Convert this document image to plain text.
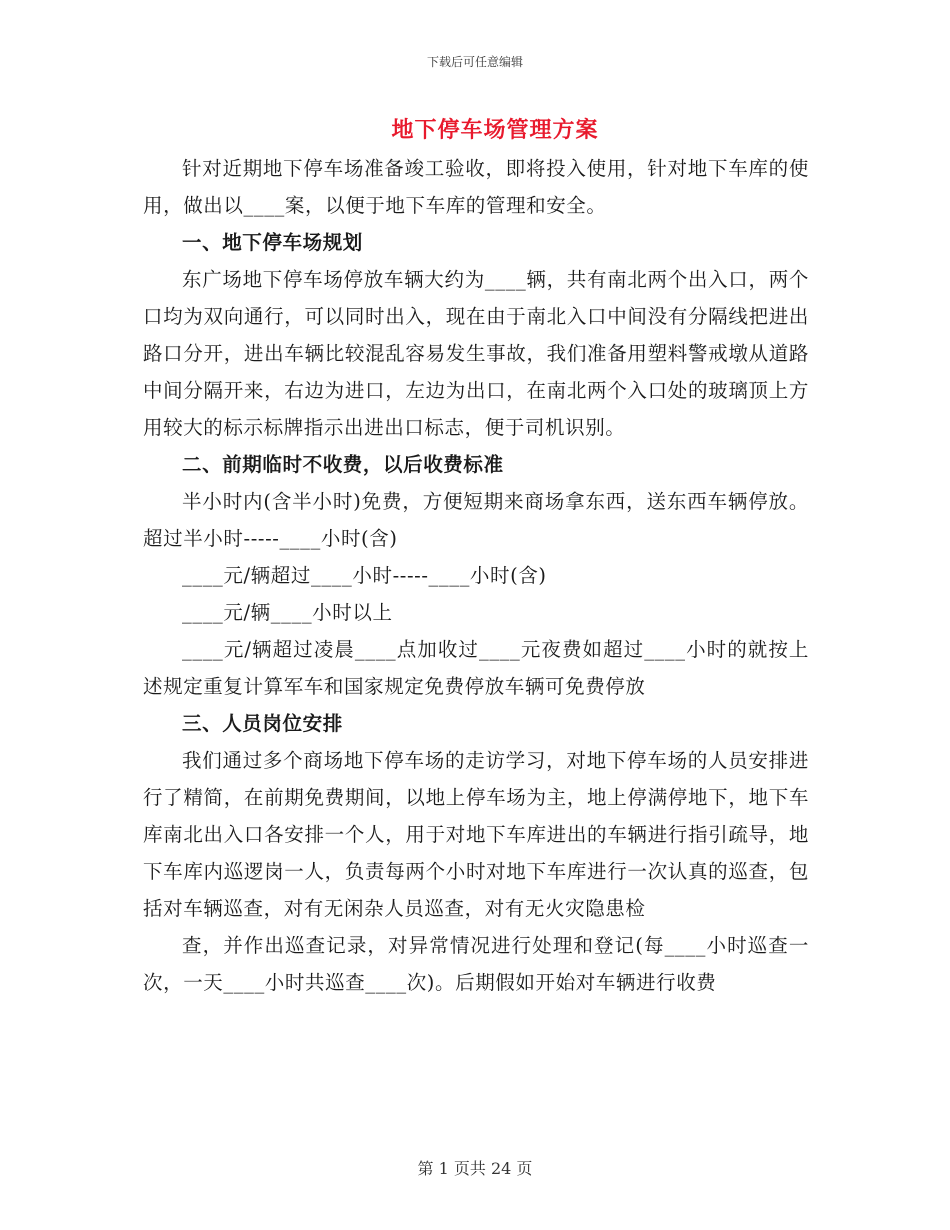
下载后可任意编辑
地下停车场管理方案

针对近期地下停车场准备竣工验收，即将投入使用，针对地下车库的使用，做出以____案，以便于地下车库的管理和安全。

一、地下停车场规划

东广场地下停车场停放车辆大约为____辆，共有南北两个出入口，两个口均为双向通行，可以同时出入，现在由于南北入口中间没有分隔线把进出路口分开，进出车辆比较混乱容易发生事故，我们准备用塑料警戒墩从道路中间分隔开来，右边为进口，左边为出口，在南北两个入口处的玻璃顶上方用较大的标示标牌指示出进出口标志，便于司机识别。

二、前期临时不收费，以后收费标准

半小时内(含半小时)免费，方便短期来商场拿东西，送东西车辆停放。超过半小时-----____小时(含)

____元/辆超过____小时-----____小时(含)

____元/辆____小时以上

____元/辆超过凌晨____点加收过____元夜费如超过____小时的就按上述规定重复计算军车和国家规定免费停放车辆可免费停放

三、人员岗位安排

我们通过多个商场地下停车场的走访学习，对地下停车场的人员安排进行了精简，在前期免费期间，以地上停车场为主，地上停满停地下，地下车库南北出入口各安排一个人，用于对地下车库进出的车辆进行指引疏导，地下车库内巡逻岗一人，负责每两个小时对地下车库进行一次认真的巡查，包括对车辆巡查，对有无闲杂人员巡查，对有无火灾隐患检

查，并作出巡查记录，对异常情况进行处理和登记(每____小时巡查一次，一天____小时共巡查____次)。后期假如开始对车辆进行收费

第 1 页共 24 页
